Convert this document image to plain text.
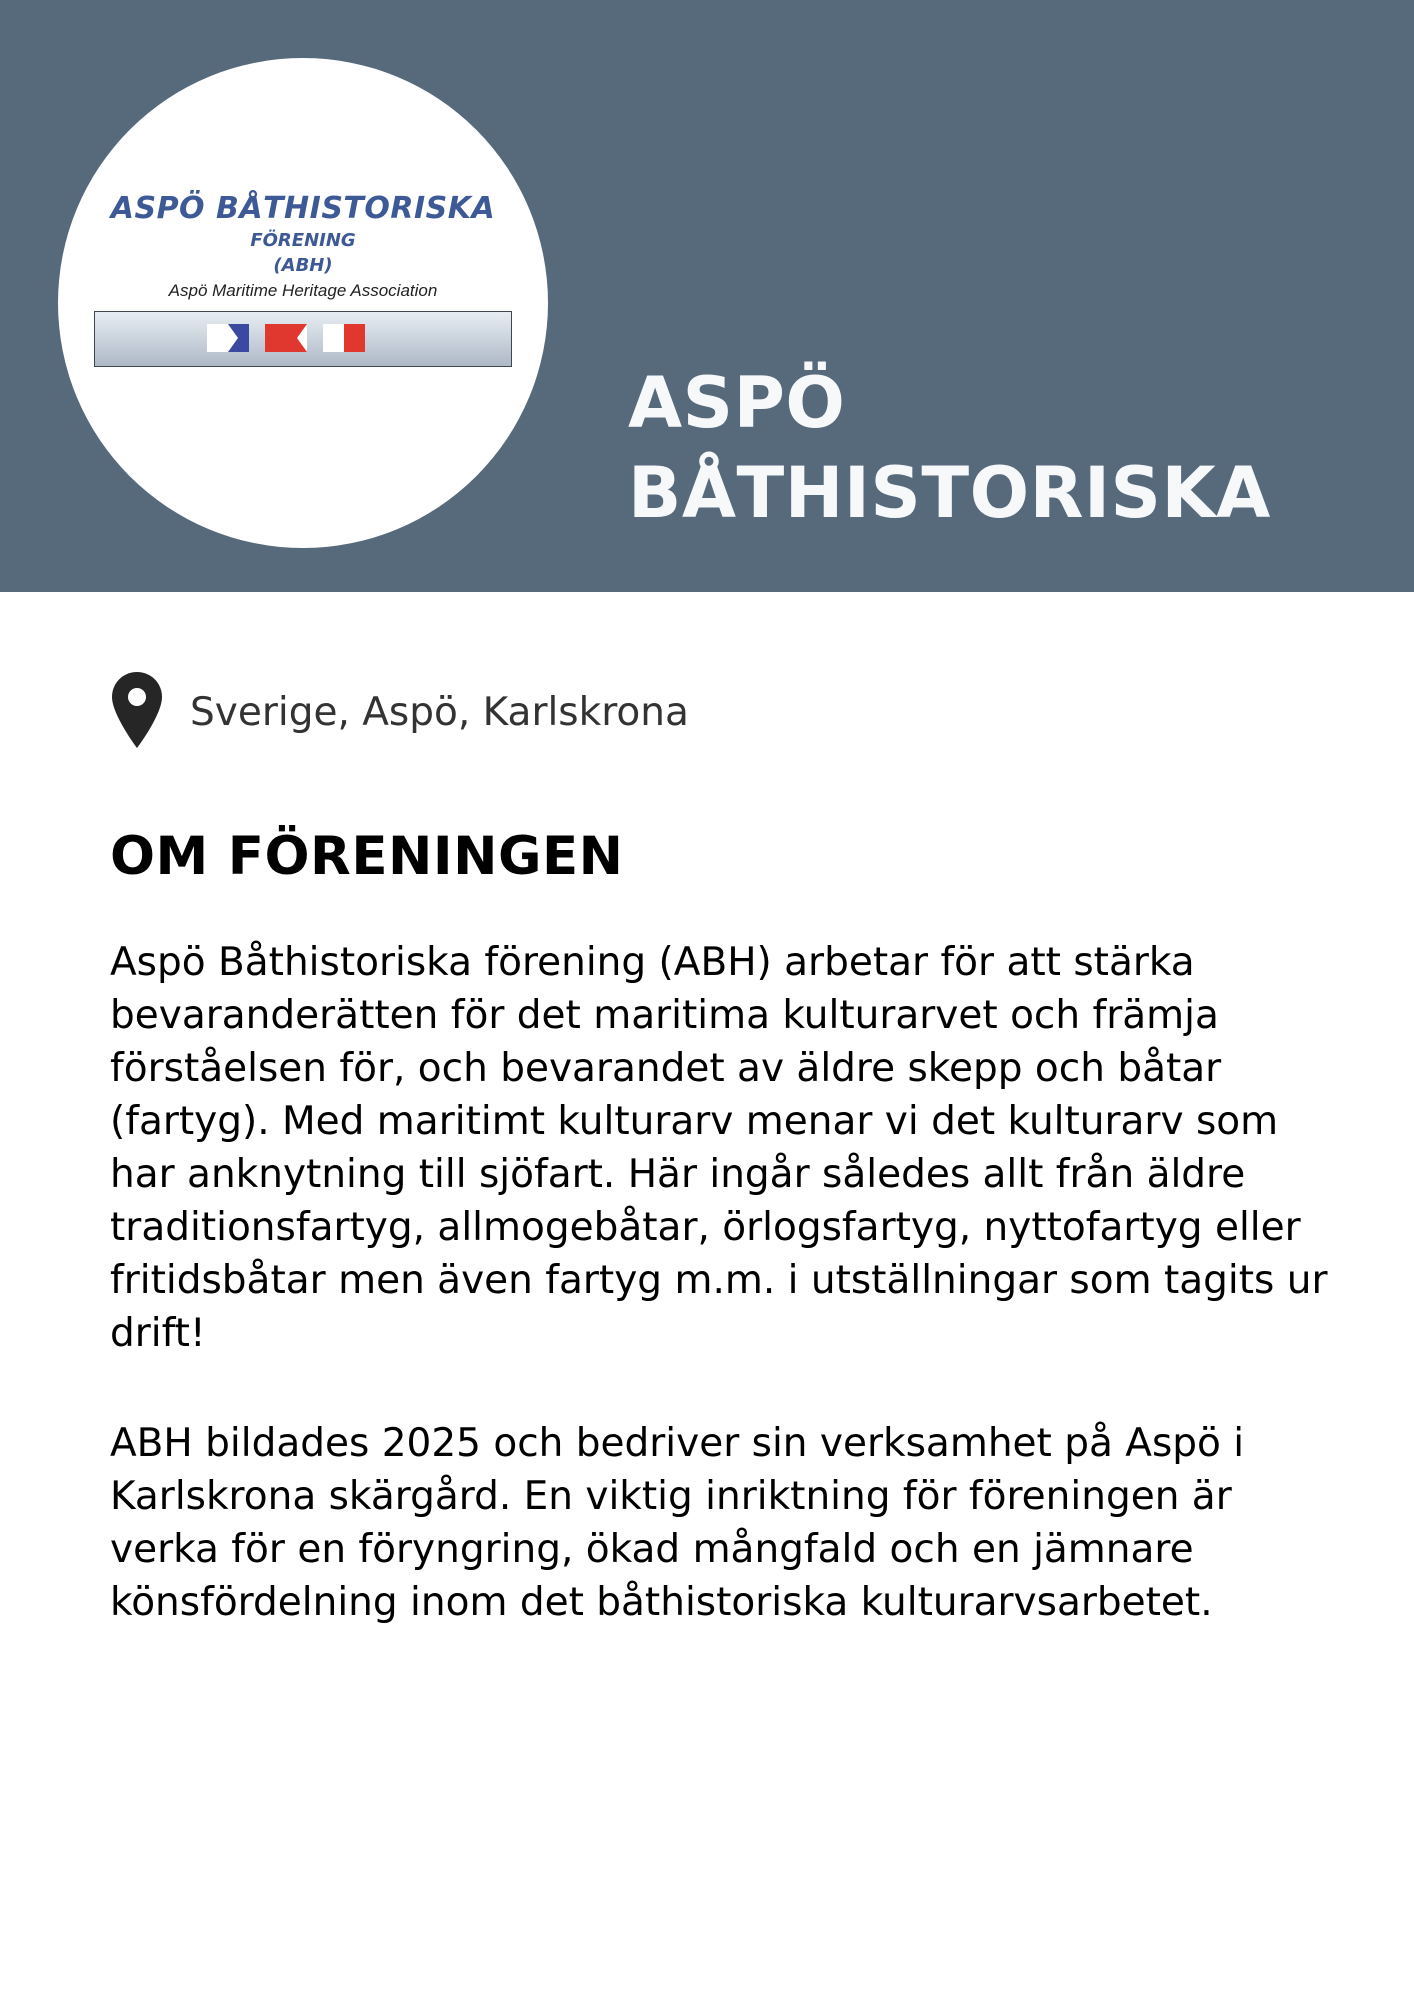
ASPÖ BÅTHISTORISKA
FÖRENING
(ABH)
Aspö Maritime Heritage Association
ASPÖ
BÅTHISTORISKA
Sverige, Aspö, Karlskrona
OM FÖRENINGEN

Aspö Båthistoriska förening (ABH) arbetar för att stärka bevaranderätten för det maritima kulturarvet och främja förståelsen för, och bevarandet av äldre skepp och båtar (fartyg). Med maritimt kulturarv menar vi det kulturarv som har anknytning till sjöfart. Här ingår således allt från äldre traditionsfartyg, allmogebåtar, örlogsfartyg, nyttofartyg eller fritidsbåtar men även fartyg m.m. i utställningar som tagits ur drift!

ABH bildades 2025 och bedriver sin verksamhet på Aspö i Karlskrona skärgård. En viktig inriktning för föreningen är verka för en föryngring, ökad mångfald och en jämnare könsfördelning inom det båthistoriska kulturarvsarbetet.
